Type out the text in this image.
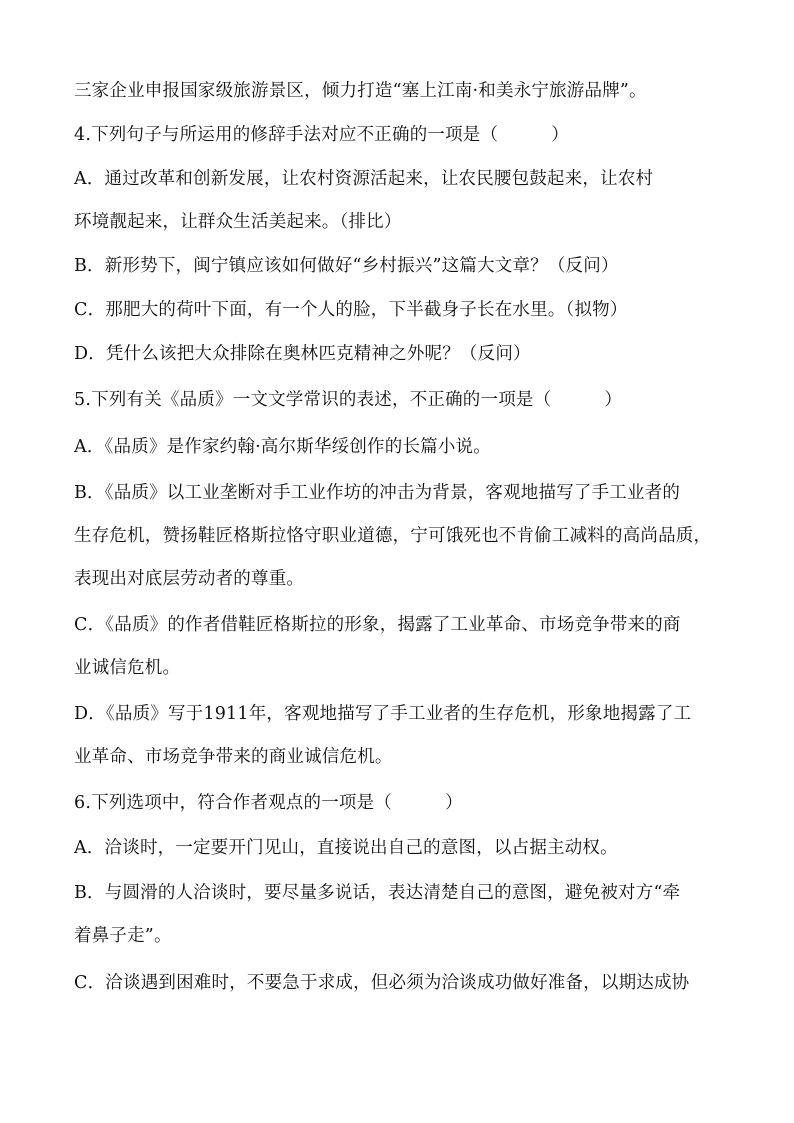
三家企业申报国家级旅游景区，倾力打造“塞上江南·和美永宁旅游品牌”。
4.下列句子与所运用的修辞手法对应不正确的一项是（　　　）
A．通过改革和创新发展，让农村资源活起来，让农民腰包鼓起来，让农村
环境靓起来，让群众生活美起来。（排比）
B．新形势下，闽宁镇应该如何做好“乡村振兴”这篇大文章？（反问）
C．那肥大的荷叶下面，有一个人的脸，下半截身子长在水里。（拟物）
D．凭什么该把大众排除在奥林匹克精神之外呢？（反问）
5.下列有关《品质》一文文学常识的表述，不正确的一项是（　　　）
A．《品质》是作家约翰·高尔斯华绥创作的长篇小说。
B．《品质》以工业垄断对手工业作坊的冲击为背景，客观地描写了手工业者的
生存危机，赞扬鞋匠格斯拉恪守职业道德，宁可饿死也不肯偷工减料的高尚品质，
表现出对底层劳动者的尊重。
C．《品质》的作者借鞋匠格斯拉的形象，揭露了工业革命、市场竞争带来的商
业诚信危机。
D．《品质》写于1911年，客观地描写了手工业者的生存危机，形象地揭露了工
业革命、市场竞争带来的商业诚信危机。
6.下列选项中，符合作者观点的一项是（　　　）
A．洽谈时，一定要开门见山，直接说出自己的意图，以占据主动权。
B．与圆滑的人洽谈时，要尽量多说话，表达清楚自己的意图，避免被对方“牵
着鼻子走”。
C．洽谈遇到困难时，不要急于求成，但必须为洽谈成功做好准备，以期达成协
